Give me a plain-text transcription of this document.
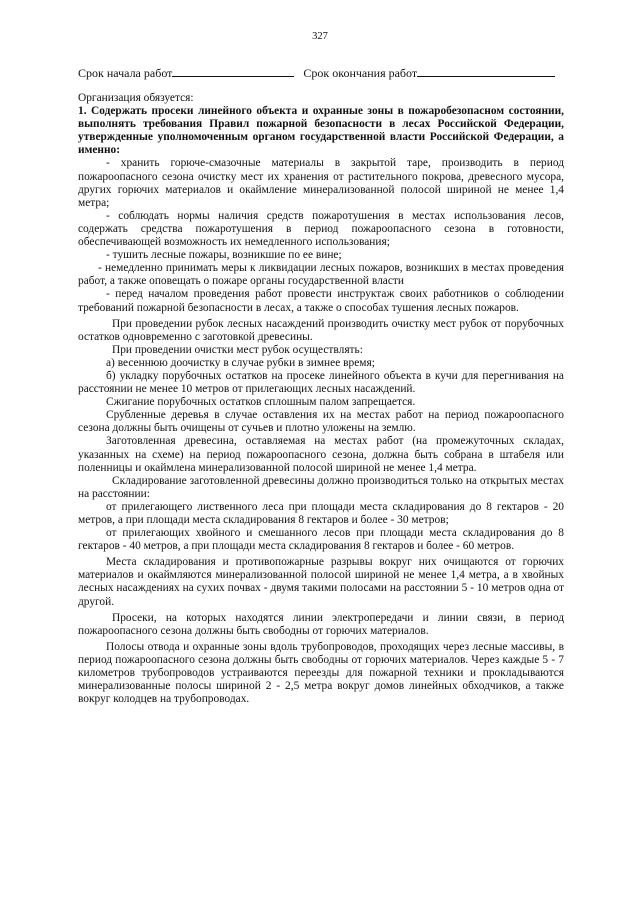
327
Срок начала работ	Срок окончания работ

Организация обязуется:

1. Содержать просеки линейного объекта и охранные зоны в пожаробезопасном состоянии, выполнять требования Правил пожарной безопасности в лесах Российской Федерации, утвержденные уполномоченным органом государственной власти Российской Федерации, а именно:

- хранить горюче-смазочные материалы в закрытой таре, производить в период пожароопасного сезона очистку мест их хранения от растительного покрова, древесного мусора, других горючих материалов и окаймление минерализованной полосой шириной не менее 1,4 метра;

- соблюдать нормы наличия средств пожаротушения в местах использования лесов, содержать средства пожаротушения в период пожароопасного сезона в готовности, обеспечивающей возможность их немедленного использования;

- тушить лесные пожары, возникшие по ее вине;

- немедленно принимать меры к ликвидации лесных пожаров, возникших в местах проведения работ, а также оповещать о пожаре органы государственной власти

- перед началом проведения работ провести инструктаж своих работников о соблюдении требований пожарной безопасности в лесах, а также о способах тушения лесных пожаров.

При проведении рубок лесных насаждений производить очистку мест рубок от порубочных остатков одновременно с заготовкой древесины.

При проведении очистки мест рубок осуществлять:

а) весеннюю доочистку в случае рубки в зимнее время;

б) укладку порубочных остатков на просеке линейного объекта в кучи для перегнивания на расстоянии не менее 10 метров от прилегающих лесных насаждений.

Сжигание порубочных остатков сплошным палом запрещается.

Срубленные деревья в случае оставления их на местах работ на период пожароопасного сезона должны быть очищены от сучьев и плотно уложены на землю.

Заготовленная древесина, оставляемая на местах работ (на промежуточных складах, указанных на схеме) на период пожароопасного сезона, должна быть собрана в штабеля или поленницы и окаймлена минерализованной полосой шириной не менее 1,4 метра.

Складирование заготовленной древесины должно производиться только на открытых местах на расстоянии:

от прилегающего лиственного леса при площади места складирования до 8 гектаров - 20 метров, а при площади места складирования 8 гектаров и более - 30 метров;

от прилегающих хвойного и смешанного лесов при площади места складирования до 8 гектаров - 40 метров, а при площади места складирования 8 гектаров и более - 60 метров.

Места складирования и противопожарные разрывы вокруг них очищаются от горючих материалов и окаймляются минерализованной полосой шириной не менее 1,4 метра, а в хвойных лесных насаждениях на сухих почвах - двумя такими полосами на расстоянии 5 - 10 метров одна от другой.

Просеки, на которых находятся линии электропередачи и линии связи, в период пожароопасного сезона должны быть свободны от горючих материалов.

Полосы отвода и охранные зоны вдоль трубопроводов, проходящих через лесные массивы, в период пожароопасного сезона должны быть свободны от горючих материалов. Через каждые 5 - 7 километров трубопроводов устраиваются переезды для пожарной техники и прокладываются минерализованные полосы шириной 2 - 2,5 метра вокруг домов линейных обходчиков, а также вокруг колодцев на трубопроводах.
